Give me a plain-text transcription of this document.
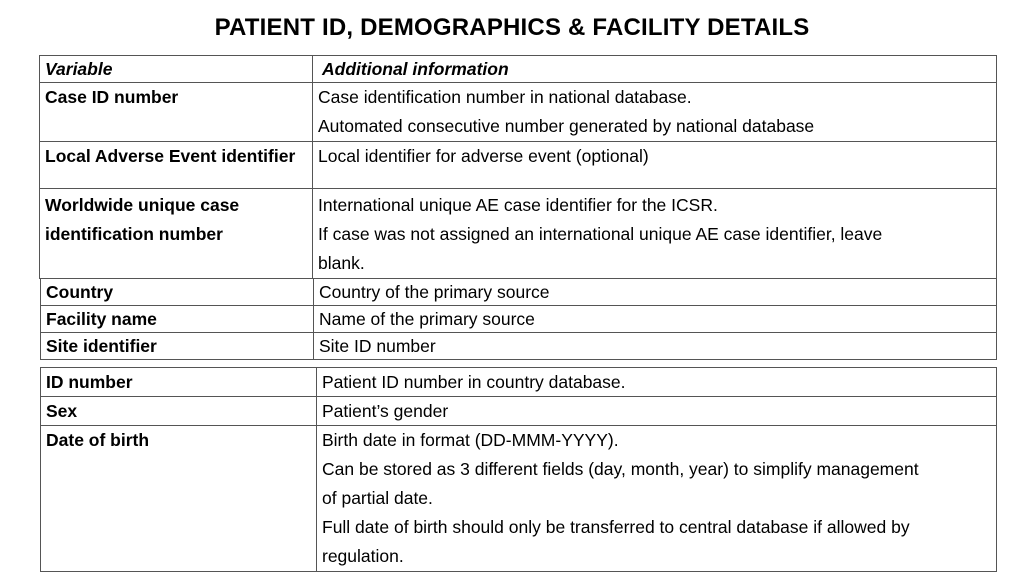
PATIENT ID, DEMOGRAPHICS & FACILITY DETAILS
Variable	Additional information
Case ID number	Case identification number in national database.
Automated consecutive number generated by national database

Local Adverse Event identifier	Local identifier for adverse event (optional)

Worldwide unique case
identification number	International unique AE case identifier for the ICSR.
If case was not assigned an international unique AE case identifier, leave
blank.
Country	Country of the primary source
Facility name	Name of the primary source
Site identifier	Site ID number
ID number	Patient ID number in country database.
Sex	Patient’s gender
Date of birth	Birth date in format (DD-MMM-YYYY).
Can be stored as 3 different fields (day, month, year) to simplify management
of partial date.
Full date of birth should only be transferred to central database if allowed by
regulation.
